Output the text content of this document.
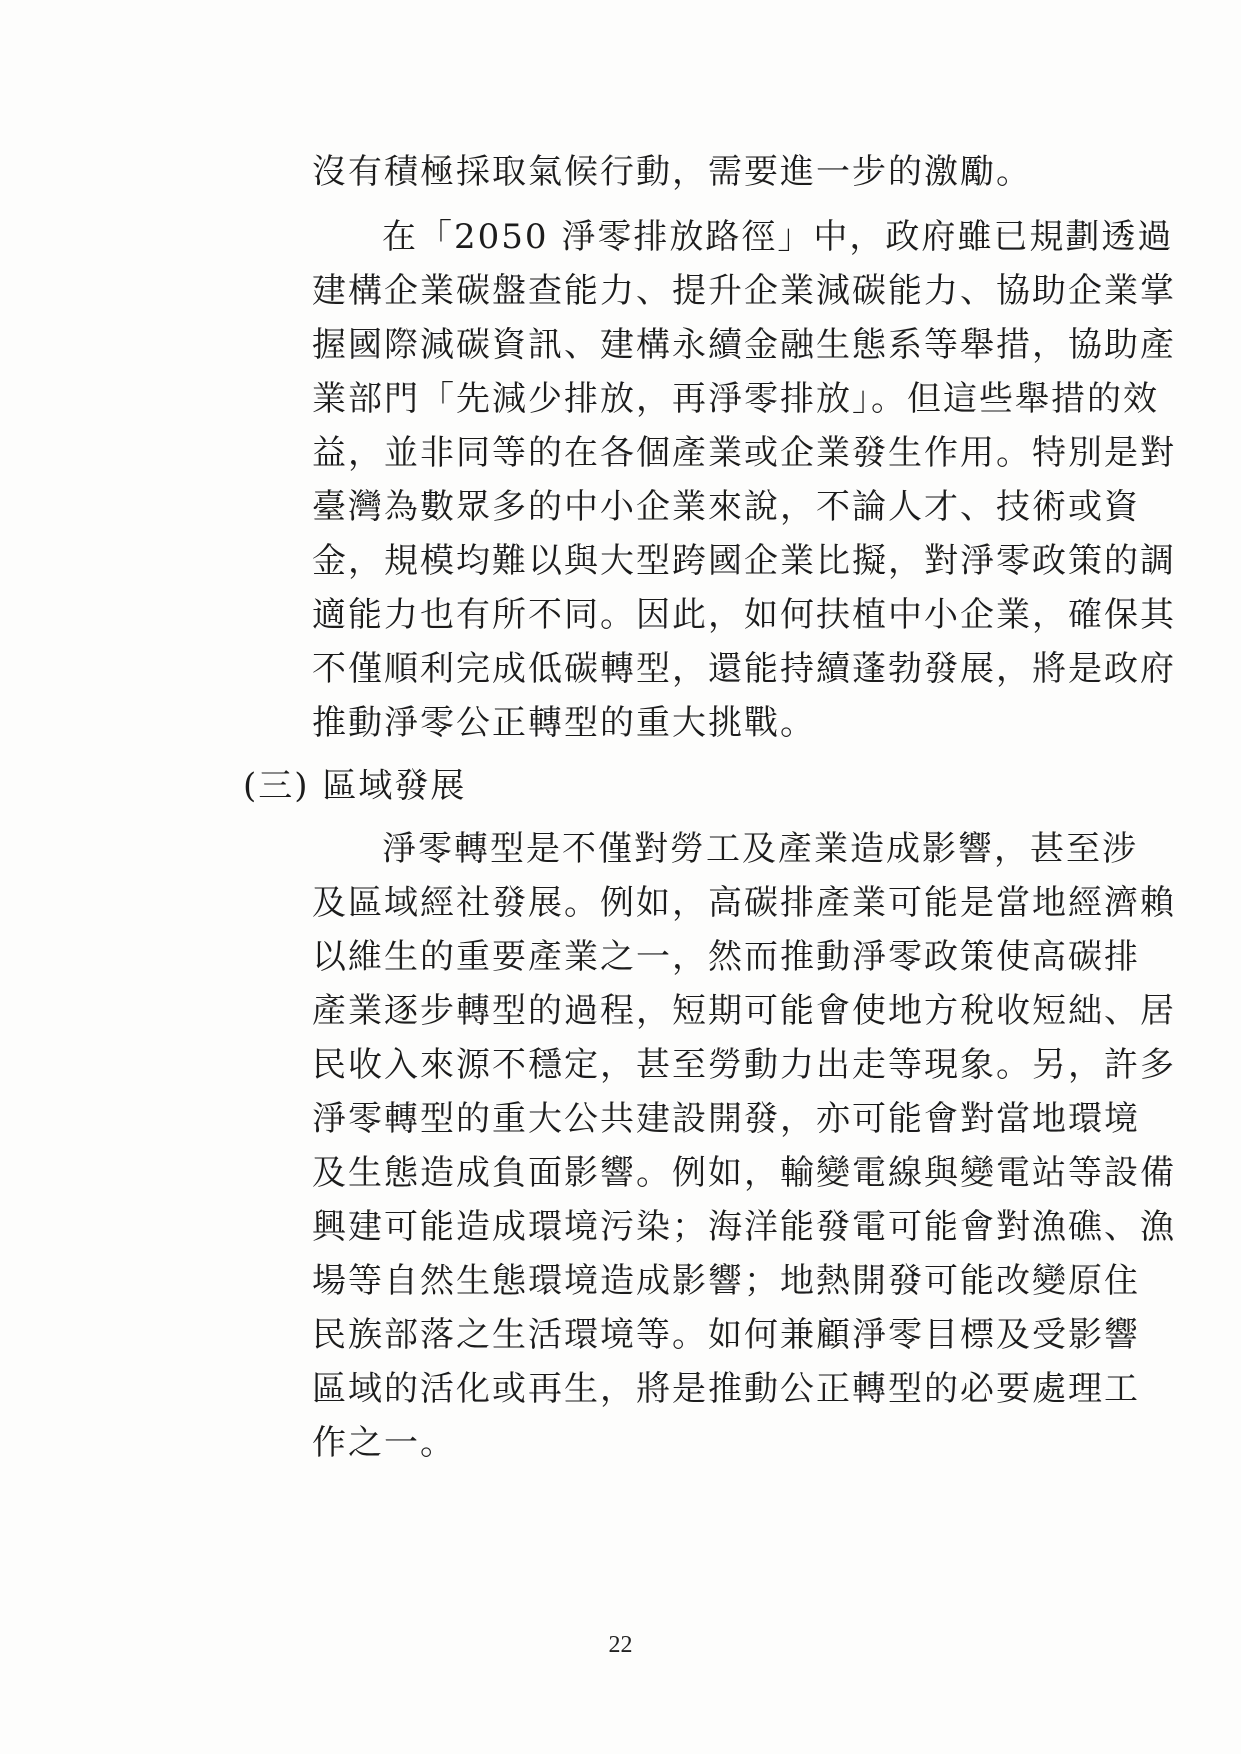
沒有積極採取氣候行動，需要進一步的激勵。
在「2050 淨零排放路徑」中，政府雖已規劃透過
建構企業碳盤查能力、提升企業減碳能力、協助企業掌
握國際減碳資訊、建構永續金融生態系等舉措，協助產
業部門「先減少排放，再淨零排放」。但這些舉措的效
益，並非同等的在各個產業或企業發生作用。特別是對
臺灣為數眾多的中小企業來說，不論人才、技術或資
金，規模均難以與大型跨國企業比擬，對淨零政策的調
適能力也有所不同。因此，如何扶植中小企業，確保其
不僅順利完成低碳轉型，還能持續蓬勃發展，將是政府
推動淨零公正轉型的重大挑戰。
(三) 區域發展
淨零轉型是不僅對勞工及產業造成影響，甚至涉
及區域經社發展。例如，高碳排產業可能是當地經濟賴
以維生的重要產業之一，然而推動淨零政策使高碳排
產業逐步轉型的過程，短期可能會使地方稅收短絀、居
民收入來源不穩定，甚至勞動力出走等現象。另，許多
淨零轉型的重大公共建設開發，亦可能會對當地環境
及生態造成負面影響。例如，輸變電線與變電站等設備
興建可能造成環境污染；海洋能發電可能會對漁礁、漁
場等自然生態環境造成影響；地熱開發可能改變原住
民族部落之生活環境等。如何兼顧淨零目標及受影響
區域的活化或再生，將是推動公正轉型的必要處理工
作之一。
22
